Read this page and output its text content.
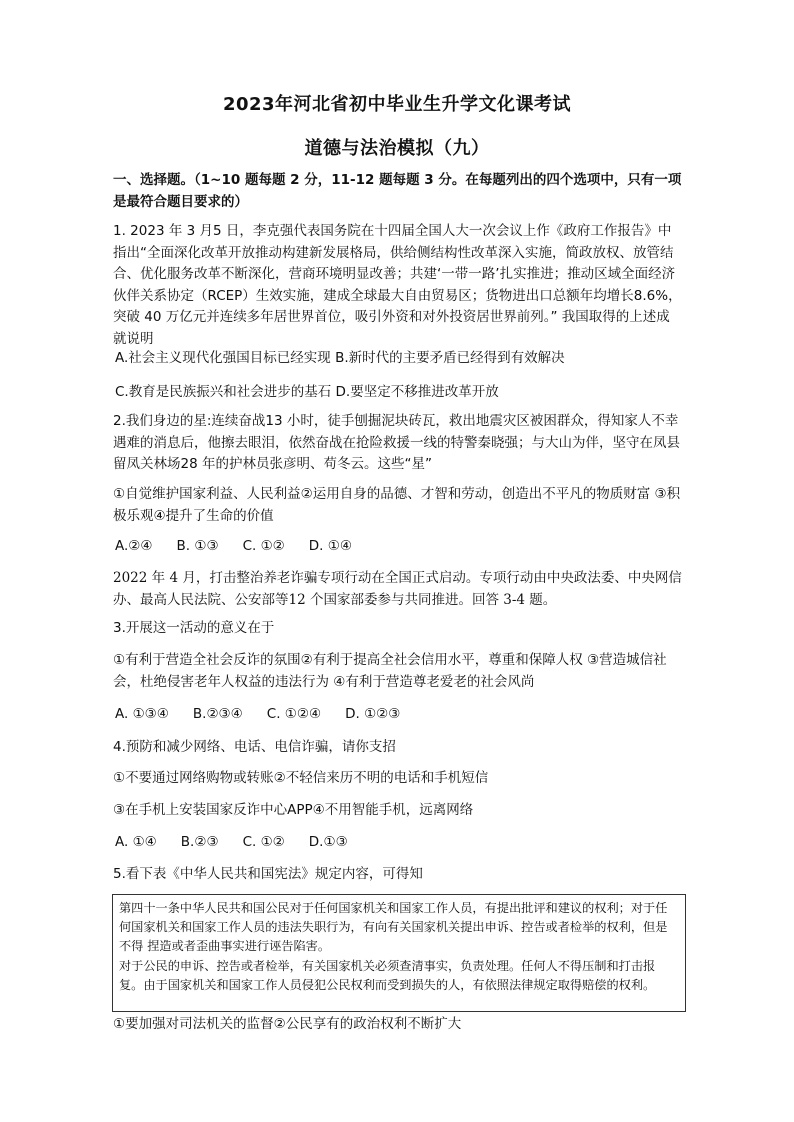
2023年河北省初中毕业生升学文化课考试
道德与法治模拟（九）
一、选择题。（1~10 题每题 2 分，11-12 题每题 3 分。在每题列出的四个选项中，只有一项是最符合题目要求的）
1. 2023 年 3 月5 日，李克强代表国务院在十四届全国人大一次会议上作《政府工作报告》中指出“全面深化改革开放推动构建新发展格局，供给侧结构性改革深入实施，简政放权、放管结合、优化服务改革不断深化，营商环境明显改善；共建‘一带一路’扎实推进；推动区域全面经济伙伴关系协定（RCEP）生效实施，建成全球最大自由贸易区；货物进出口总额年均增长8.6%，突破 40 万亿元并连续多年居世界首位，吸引外资和对外投资居世界前列。” 我国取得的上述成就说明
A.社会主义现代化强国目标已经实现 B.新时代的主要矛盾已经得到有效解决
C.教育是民族振兴和社会进步的基石 D.要坚定不移推进改革开放
2.我们身边的星:连续奋战13 小时，徒手刨掘泥块砖瓦，救出地震灾区被困群众，得知家人不幸遇难的消息后，他擦去眼泪，依然奋战在抢险救援一线的特警秦晓强；与大山为伴，坚守在凤县留凤关林场28 年的护林员张彦明、苟冬云。这些“星”
①自觉维护国家利益、人民利益②运用自身的品德、才智和劳动，创造出不平凡的物质财富 ③积极乐观④提升了生命的价值
A.②④ B. ①③ C. ①② D. ①④
2022 年 4 月，打击整治养老诈骗专项行动在全国正式启动。专项行动由中央政法委、中央网信办、最高人民法院、公安部等12 个国家部委参与共同推进。回答 3-4 题。
3.开展这一活动的意义在于
①有利于营造全社会反诈的氛围②有利于提高全社会信用水平，尊重和保障人权 ③营造城信社会，杜绝侵害老年人权益的违法行为 ④有利于营造尊老爱老的社会风尚
A. ①③④ B.②③④ C. ①②④ D. ①②③
4.预防和减少网络、电话、电信诈骗，请你支招
①不要通过网络购物或转账②不轻信来历不明的电话和手机短信
③在手机上安装国家反诈中心APP④不用智能手机，远离网络
A. ①④ B.②③ C. ①② D.①③
5.看下表《中华人民共和国宪法》规定内容，可得知

第四十一条中华人民共和国公民对于任何国家机关和国家工作人员，有提出批评和建议的权利；对于任何国家机关和国家工作人员的违法失职行为，有向有关国家机关提出申诉、控告或者检举的权利，但是不得 捏造或者歪曲事实进行诬告陷害。

对于公民的申诉、控告或者检举，有关国家机关必须查清事实，负责处理。任何人不得压制和打击报复。由于国家机关和国家工作人员侵犯公民权利而受到损失的人，有依照法律规定取得赔偿的权利。

①要加强对司法机关的监督②公民享有的政治权利不断扩大
